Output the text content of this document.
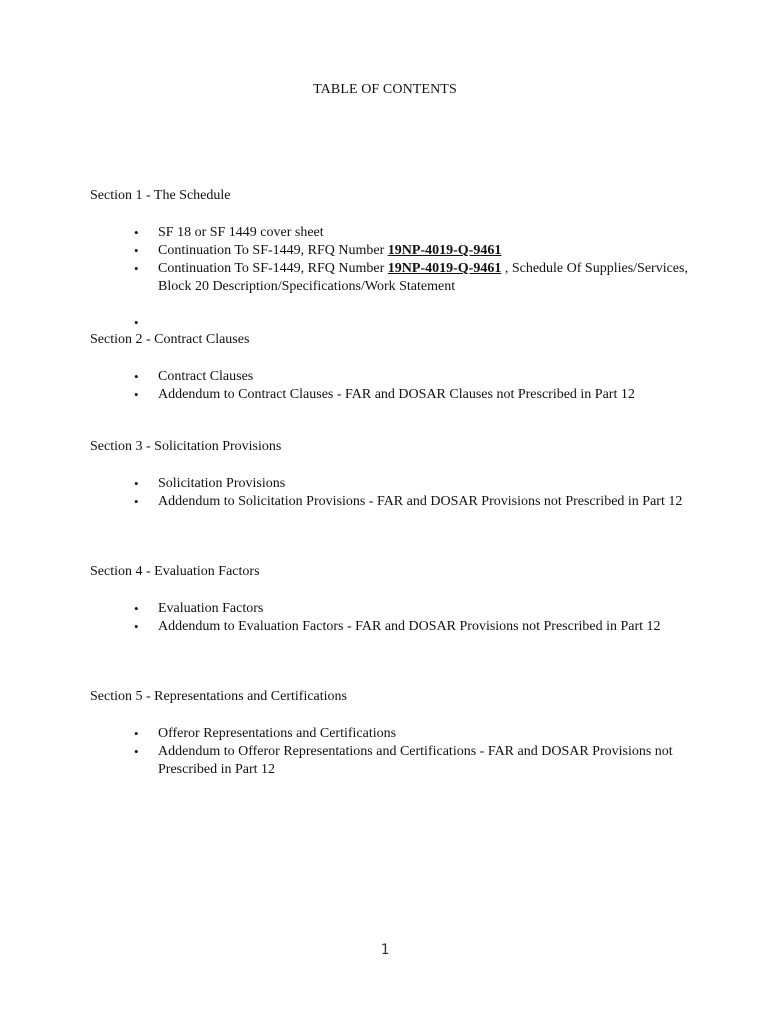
TABLE OF CONTENTS
Section 1 - The Schedule
• SF 18 or SF 1449 cover sheet
• Continuation To SF-1449, RFQ Number 19NP-4019-Q-9461
• Continuation To SF-1449, RFQ Number 19NP-4019-Q-9461 , Schedule Of Supplies/Services, Block 20 Description/Specifications/Work Statement
•
Section 2 - Contract Clauses
• Contract Clauses
• Addendum to Contract Clauses - FAR and DOSAR Clauses not Prescribed in Part 12
Section 3 - Solicitation Provisions
• Solicitation Provisions
• Addendum to Solicitation Provisions - FAR and DOSAR Provisions not Prescribed in Part 12
Section 4 - Evaluation Factors
• Evaluation Factors
• Addendum to Evaluation Factors - FAR and DOSAR Provisions not Prescribed in Part 12
Section 5 - Representations and Certifications
• Offeror Representations and Certifications
• Addendum to Offeror Representations and Certifications - FAR and DOSAR Provisions not Prescribed in Part 12
1
